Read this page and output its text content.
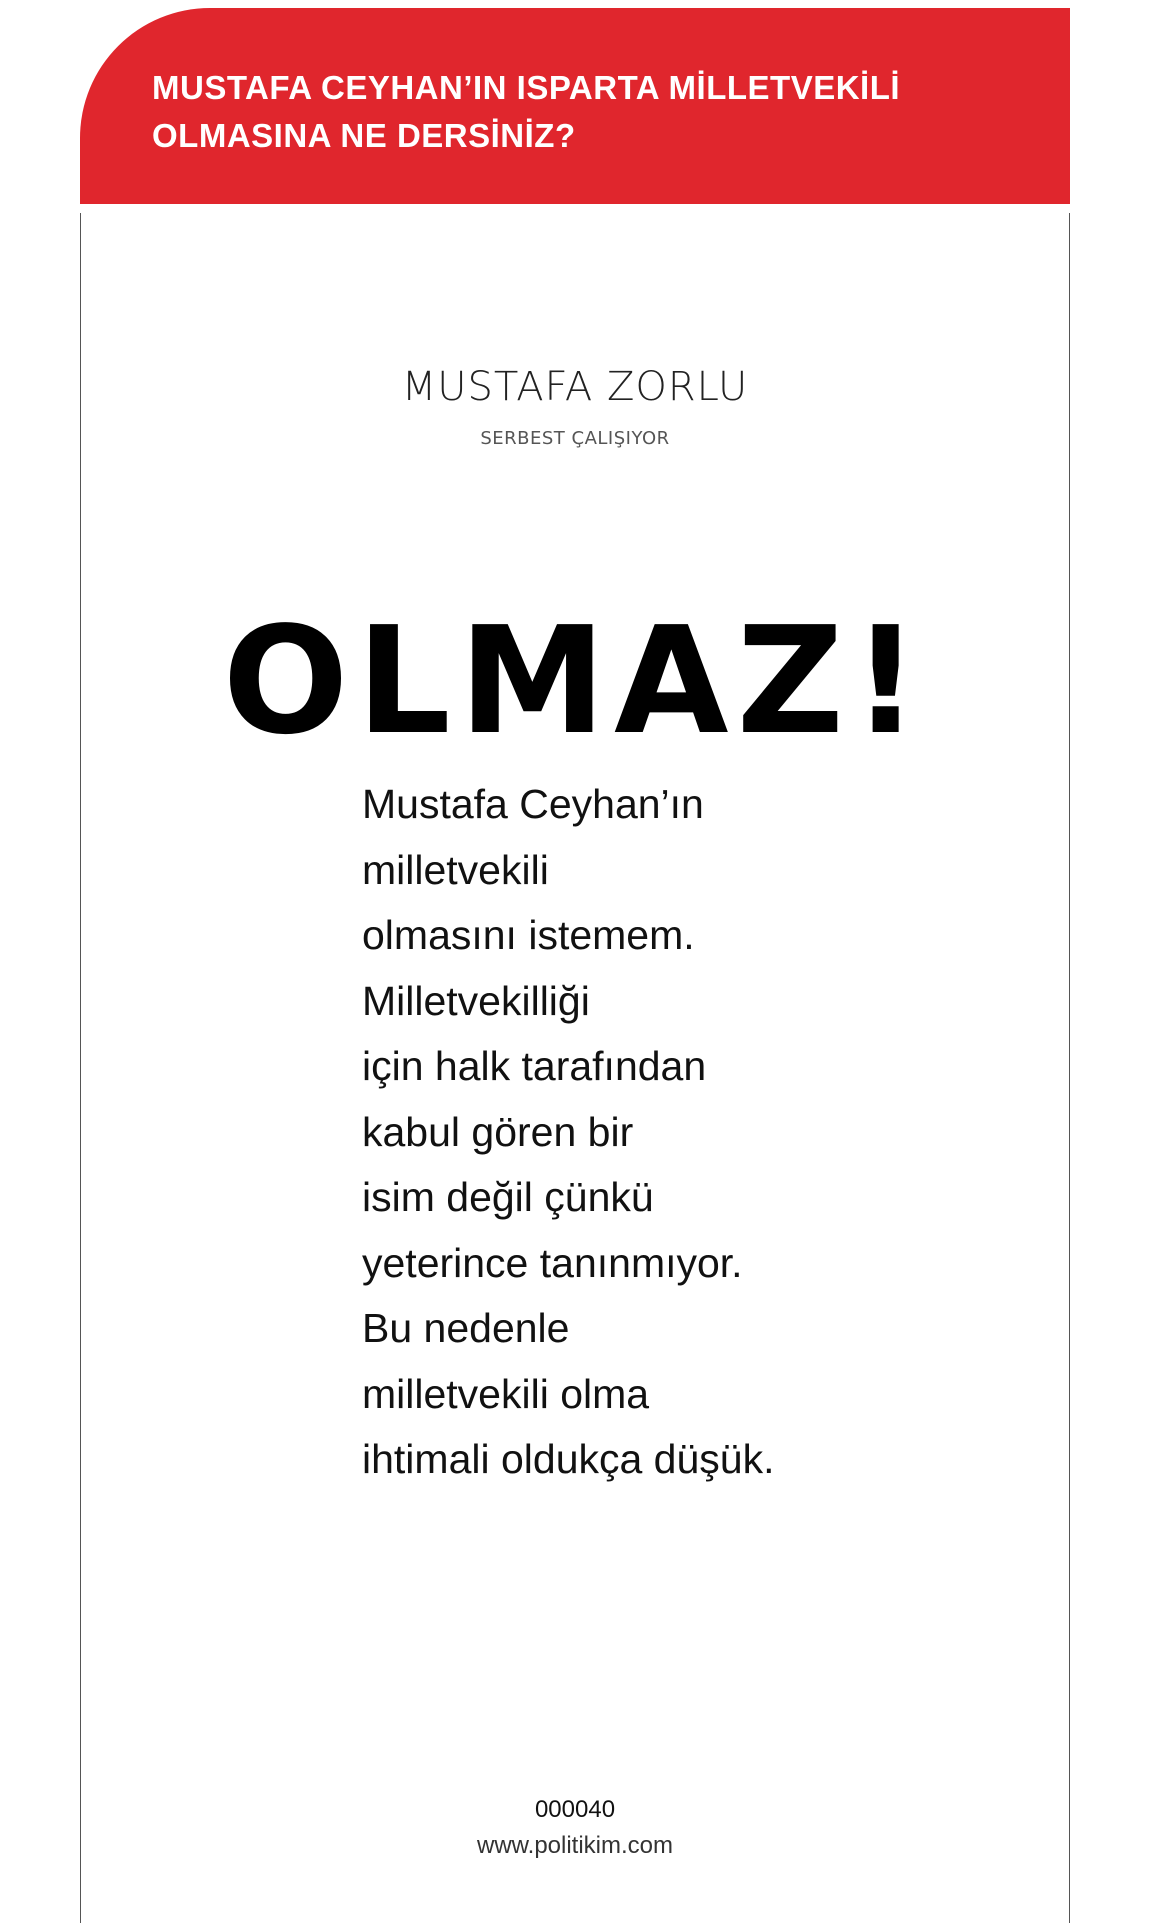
MUSTAFA CEYHAN’IN ISPARTA MİLLETVEKİLİ
OLMASINA NE DERSİNİZ?
MUSTAFA ZORLU
SERBEST ÇALIŞIYOR
OLMAZ!
Mustafa Ceyhan’ın
milletvekili
olmasını istemem.
Milletvekilliği
için halk tarafından
kabul gören bir
isim değil çünkü
yeterince tanınmıyor.
Bu nedenle
milletvekili olma
ihtimali oldukça düşük.
000040
www.politikim.com
